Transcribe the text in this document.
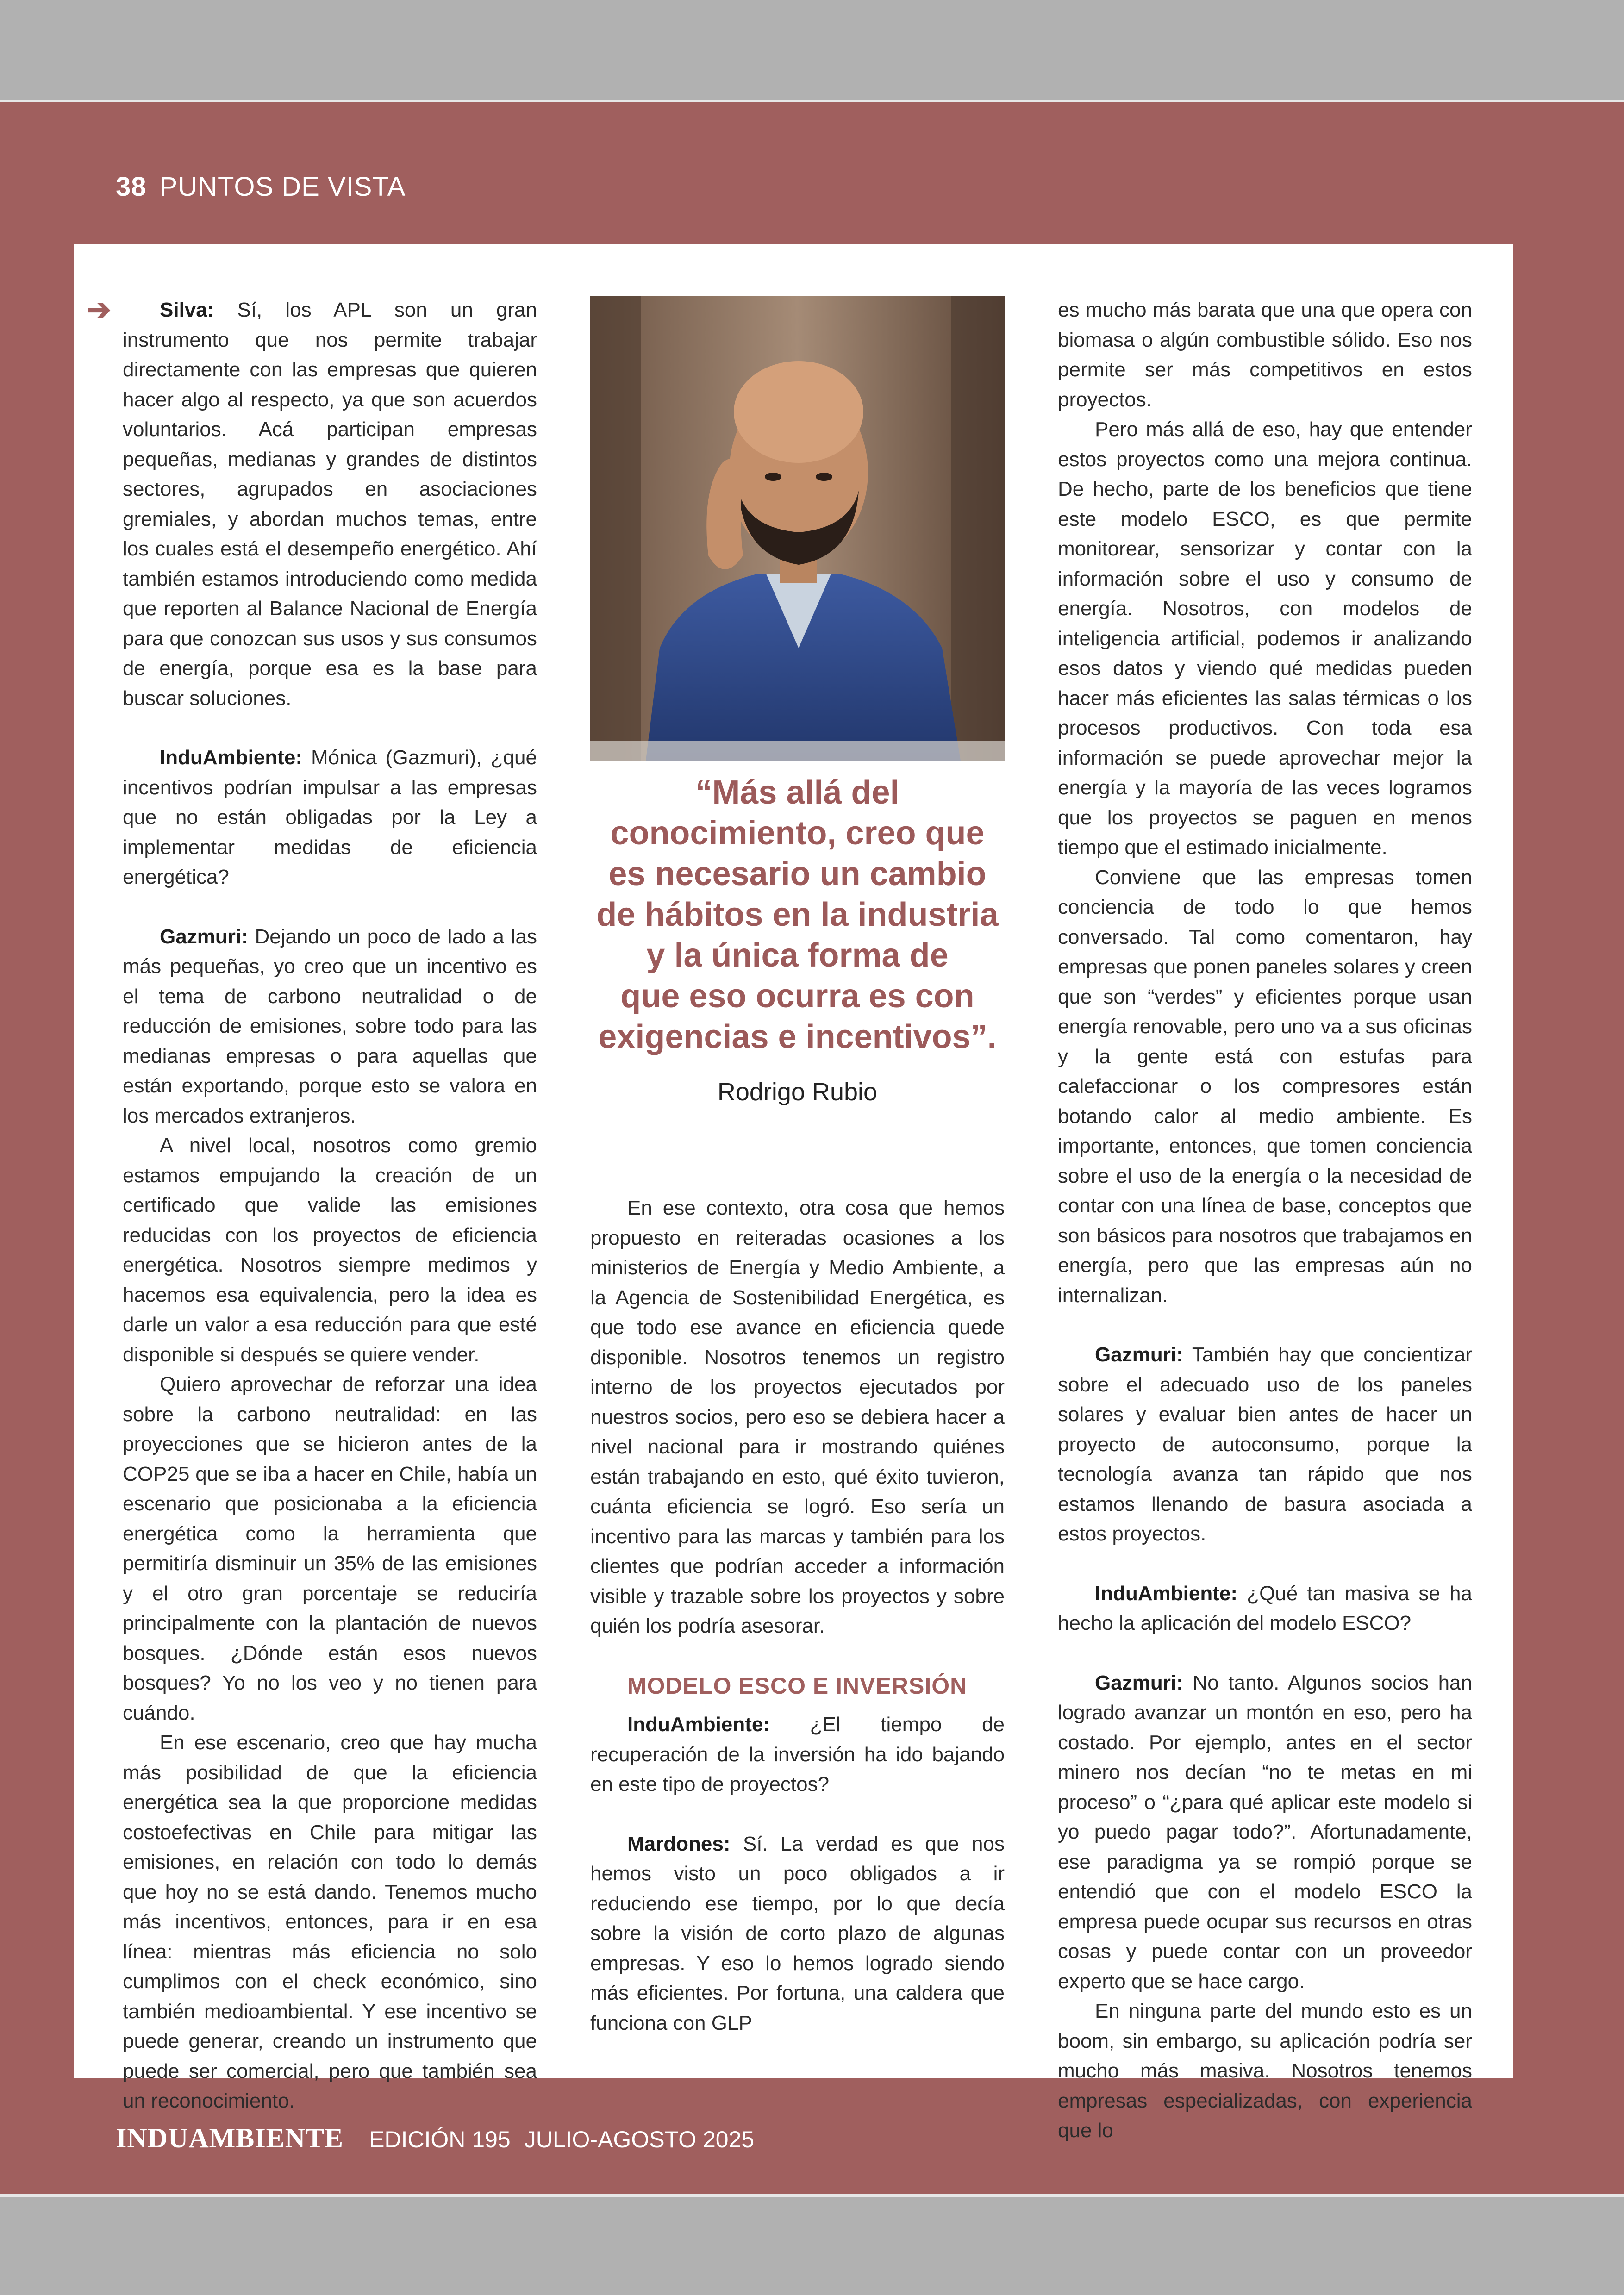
38 PUNTOS DE VISTA
➔	Silva: Sí, los APL son un gran instrumento que nos permite trabajar directamente con las empresas que quieren hacer algo al respecto, ya que son acuerdos voluntarios. Acá participan empresas pequeñas, medianas y grandes de distintos sectores, agrupados en asociaciones gremiales, y abordan muchos temas, entre los cuales está el desempeño energético. Ahí también estamos introduciendo como medida que reporten al Balance Nacional de Energía para que conozcan sus usos y sus consumos de energía, porque esa es la base para buscar soluciones.

InduAmbiente: Mónica (Gazmuri), ¿qué incentivos podrían impulsar a las empresas que no están obligadas por la Ley a implementar medidas de eficiencia energética?

Gazmuri: Dejando un poco de lado a las más pequeñas, yo creo que un incentivo es el tema de carbono neutralidad o de reducción de emisiones, sobre todo para las medianas empresas o para aquellas que están exportando, porque esto se valora en los mercados extranjeros.

A nivel local, nosotros como gremio estamos empujando la creación de un certificado que valide las emisiones reducidas con los proyectos de eficiencia energética. Nosotros siempre medimos y hacemos esa equivalencia, pero la idea es darle un valor a esa reducción para que esté disponible si después se quiere vender.

Quiero aprovechar de reforzar una idea sobre la carbono neutralidad: en las proyecciones que se hicieron antes de la COP25 que se iba a hacer en Chile, había un escenario que posicionaba a la eficiencia energética como la herramienta que permitiría disminuir un 35% de las emisiones y el otro gran porcentaje se reduciría principalmente con la plantación de nuevos bosques. ¿Dónde están esos nuevos bosques? Yo no los veo y no tienen para cuándo.

En ese escenario, creo que hay mucha más posibilidad de que la eficiencia energética sea la que proporcione medidas costoefectivas en Chile para mitigar las emisiones, en relación con todo lo demás que hoy no se está dando. Tenemos mucho más incentivos, entonces, para ir en esa línea: mientras más eficiencia no solo cumplimos con el check económico, sino también medioambiental. Y ese incentivo se puede generar, creando un instrumento que puede ser comercial, pero que también sea un reconocimiento.

“Más allá del
conocimiento, creo que
es necesario un cambio
de hábitos en la industria
y la única forma de
que eso ocurra es con
exigencias e incentivos”.
Rodrigo Rubio

En ese contexto, otra cosa que hemos propuesto en reiteradas ocasiones a los ministerios de Energía y Medio Ambiente, a la Agencia de Sostenibilidad Energética, es que todo ese avance en eficiencia quede disponible. Nosotros tenemos un registro interno de los proyectos ejecutados por nuestros socios, pero eso se debiera hacer a nivel nacional para ir mostrando quiénes están trabajando en esto, qué éxito tuvieron, cuánta eficiencia se logró. Eso sería un incentivo para las marcas y también para los clientes que podrían acceder a información visible y trazable sobre los proyectos y sobre quién los podría asesorar.

MODELO ESCO E INVERSIÓN

InduAmbiente: ¿El tiempo de recuperación de la inversión ha ido bajando en este tipo de proyectos?

Mardones: Sí. La verdad es que nos hemos visto un poco obligados a ir reduciendo ese tiempo, por lo que decía sobre la visión de corto plazo de algunas empresas. Y eso lo hemos logrado siendo más eficientes. Por fortuna, una caldera que funciona con GLP

es mucho más barata que una que opera con biomasa o algún combustible sólido. Eso nos permite ser más competitivos en estos proyectos.

Pero más allá de eso, hay que entender estos proyectos como una mejora continua. De hecho, parte de los beneficios que tiene este modelo ESCO, es que permite monitorear, sensorizar y contar con la información sobre el uso y consumo de energía. Nosotros, con modelos de inteligencia artificial, podemos ir analizando esos datos y viendo qué medidas pueden hacer más eficientes las salas térmicas o los procesos productivos. Con toda esa información se puede aprovechar mejor la energía y la mayoría de las veces logramos que los proyectos se paguen en menos tiempo que el estimado inicialmente.

Conviene que las empresas tomen conciencia de todo lo que hemos conversado. Tal como comentaron, hay empresas que ponen paneles solares y creen que son “verdes” y eficientes porque usan energía renovable, pero uno va a sus oficinas y la gente está con estufas para calefaccionar o los compresores están botando calor al medio ambiente. Es importante, entonces, que tomen conciencia sobre el uso de la energía o la necesidad de contar con una línea de base, conceptos que son básicos para nosotros que trabajamos en energía, pero que las empresas aún no internalizan.

Gazmuri: También hay que concientizar sobre el adecuado uso de los paneles solares y evaluar bien antes de hacer un proyecto de autoconsumo, porque la tecnología avanza tan rápido que nos estamos llenando de basura asociada a estos proyectos.

InduAmbiente: ¿Qué tan masiva se ha hecho la aplicación del modelo ESCO?

Gazmuri: No tanto. Algunos socios han logrado avanzar un montón en eso, pero ha costado. Por ejemplo, antes en el sector minero nos decían “no te metas en mi proceso” o “¿para qué aplicar este modelo si yo puedo pagar todo?”. Afortunadamente, ese paradigma ya se rompió porque se entendió que con el modelo ESCO la empresa puede ocupar sus recursos en otras cosas y puede contar con un proveedor experto que se hace cargo.

En ninguna parte del mundo esto es un boom, sin embargo, su aplicación podría ser mucho más masiva. Nosotros tenemos empresas especializadas, con experiencia que lo

INDUAMBIENTE EDICIÓN 195 JULIO-AGOSTO 2025
